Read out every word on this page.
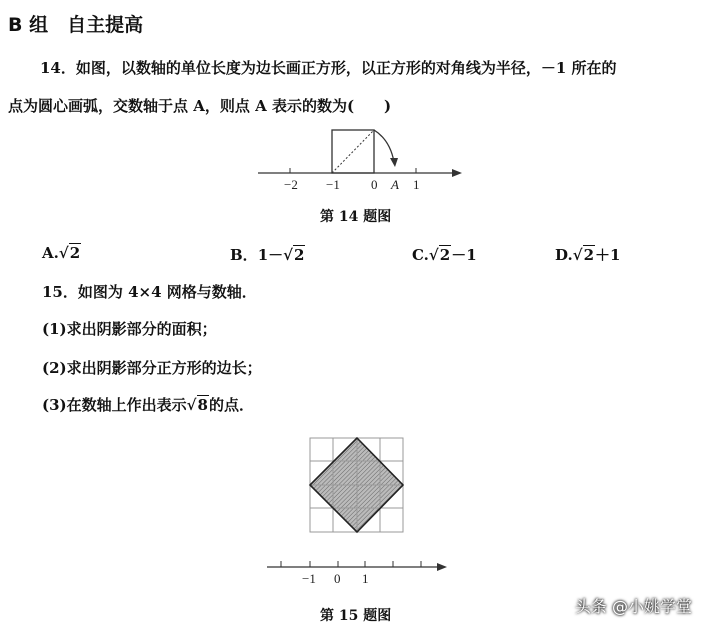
B 组　自主提高
14．如图，以数轴的单位长度为边长画正方形，以正方形的对角线为半径，－1 所在的
点为圆心画弧，交数轴于点 A，则点 A 表示的数为(　　)
−2 −1 0 A 1
−1 0 1
第 14 题图
A.√2	B．1－√2	C.√2－1	D.√2＋1
15．如图为 4×4 网格与数轴．
(1)求出阴影部分的面积；
(2)求出阴影部分正方形的边长；
(3)在数轴上作出表示√8的点．
第 15 题图	头条 @小姚学堂
